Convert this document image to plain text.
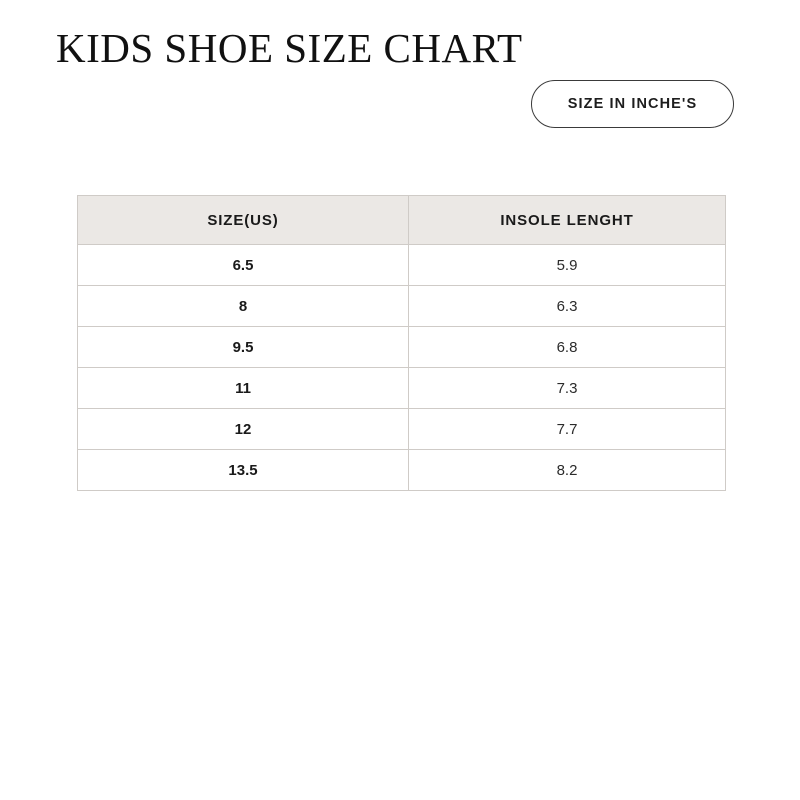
KIDS SHOE SIZE CHART
SIZE IN INCHE'S
SIZE(US)	INSOLE LENGHT
6.5	5.9
8	6.3
9.5	6.8
11	7.3
12	7.7
13.5	8.2
